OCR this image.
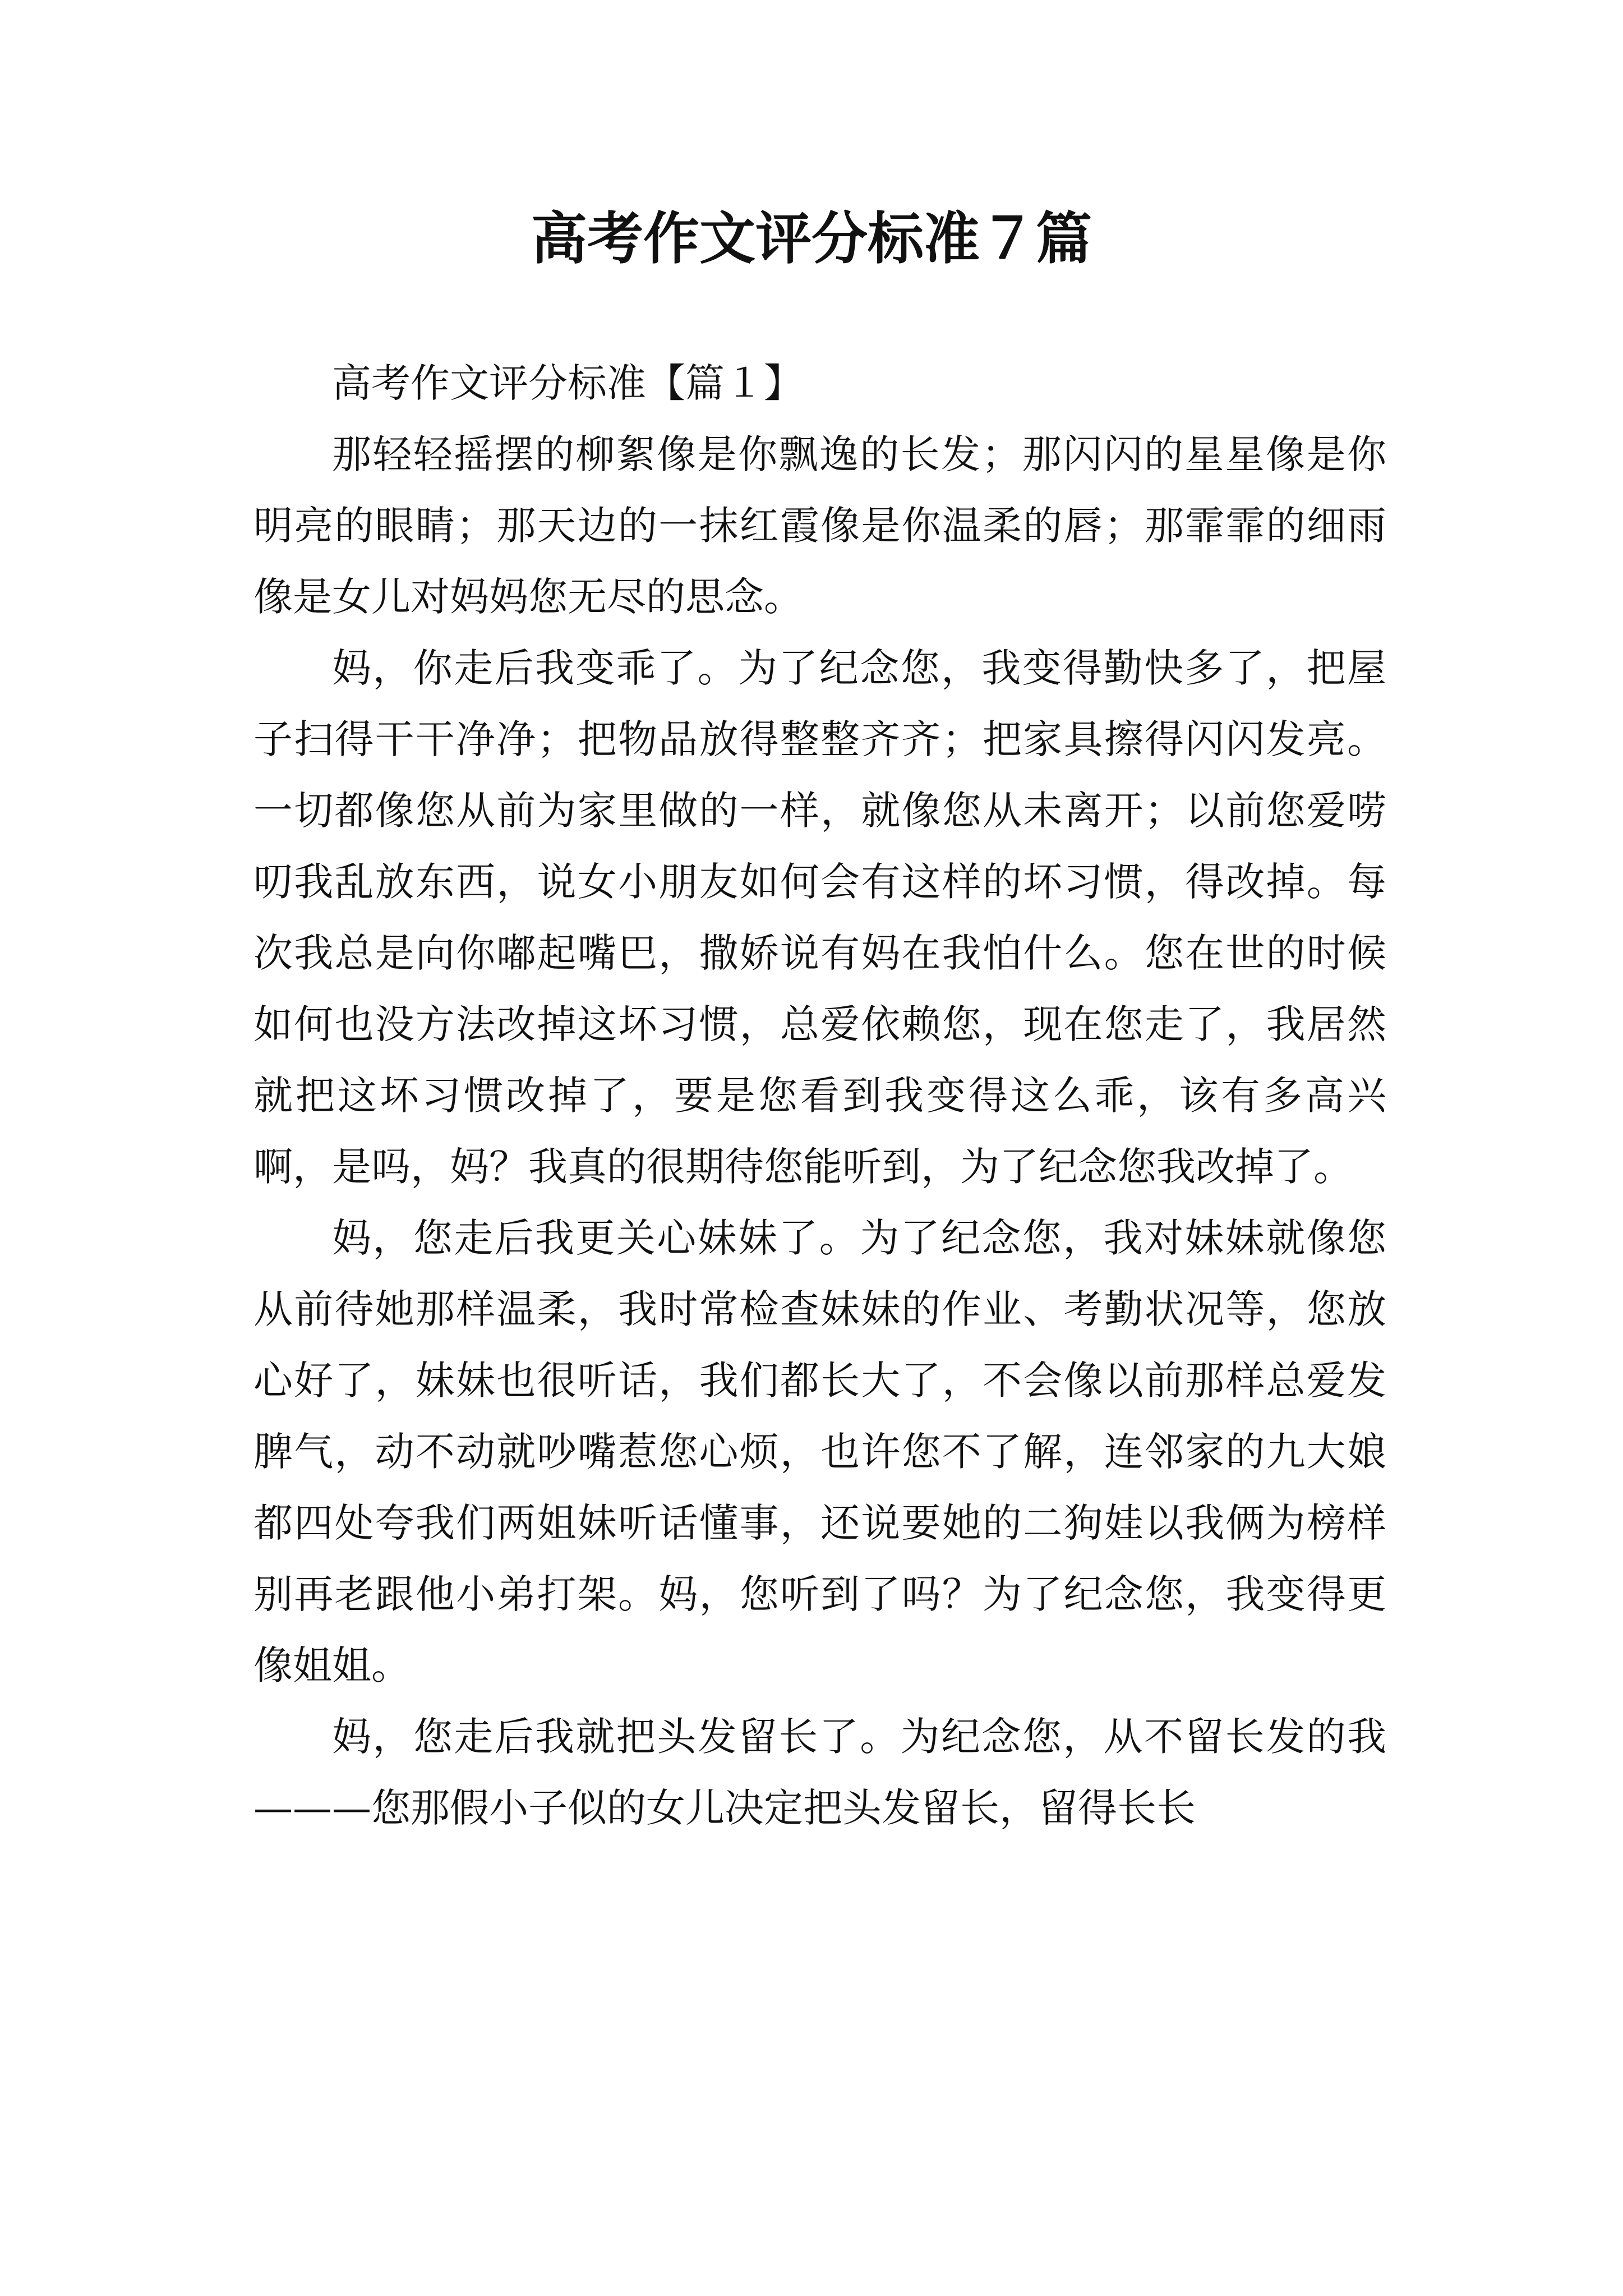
高考作文评分标准７篇

高考作文评分标准【篇１】

那轻轻摇摆的柳絮像是你飘逸的长发；那闪闪的星星像是你明亮的眼睛；那天边的一抹红霞像是你温柔的唇；那霏霏的细雨像是女儿对妈妈您无尽的思念。

妈，你走后我变乖了。为了纪念您，我变得勤快多了，把屋子扫得干干净净；把物品放得整整齐齐；把家具擦得闪闪发亮。一切都像您从前为家里做的一样，就像您从未离开；以前您爱唠叨我乱放东西，说女小朋友如何会有这样的坏习惯，得改掉。每次我总是向你嘟起嘴巴，撒娇说有妈在我怕什么。您在世的时候如何也没方法改掉这坏习惯，总爱依赖您，现在您走了，我居然就把这坏习惯改掉了，要是您看到我变得这么乖，该有多高兴啊，是吗，妈？我真的很期待您能听到，为了纪念您我改掉了。

妈，您走后我更关心妹妹了。为了纪念您，我对妹妹就像您从前待她那样温柔，我时常检查妹妹的作业、考勤状况等，您放心好了，妹妹也很听话，我们都长大了，不会像以前那样总爱发脾气，动不动就吵嘴惹您心烦，也许您不了解，连邻家的九大娘都四处夸我们两姐妹听话懂事，还说要她的二狗娃以我俩为榜样别再老跟他小弟打架。妈，您听到了吗？为了纪念您，我变得更像姐姐。

妈，您走后我就把头发留长了。为纪念您，从不留长发的我———您那假小子似的女儿决定把头发留长，留得长长
